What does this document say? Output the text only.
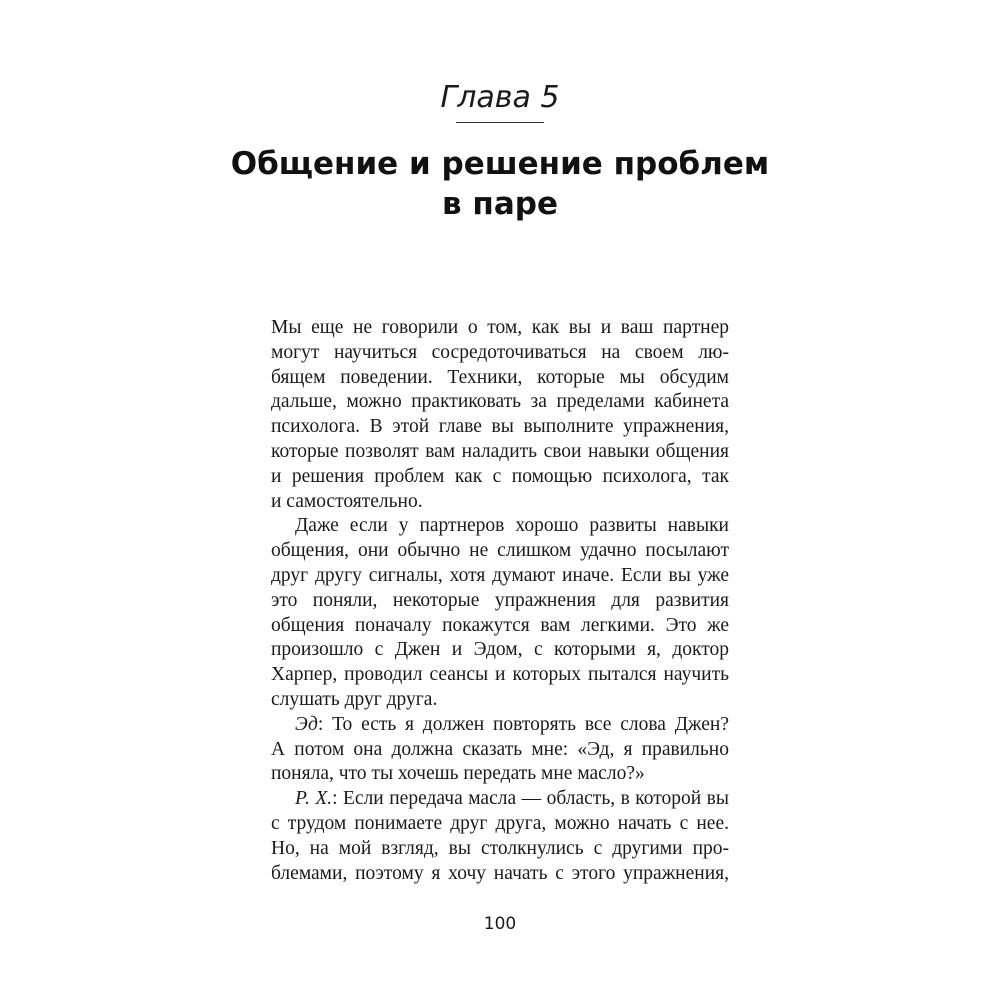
Глава 5
Общение и решение проблем
в паре
Мы еще не говорили о том, как вы и ваш партнер
могут научиться сосредоточиваться на своем лю-
бящем поведении. Техники, которые мы обсудим
дальше, можно практиковать за пределами кабинета
психолога. В этой главе вы выполните упражнения,
которые позволят вам наладить свои навыки общения
и решения проблем как с помощью психолога, так
и самостоятельно.
Даже если у партнеров хорошо развиты навыки
общения, они обычно не слишком удачно посылают
друг другу сигналы, хотя думают иначе. Если вы уже
это поняли, некоторые упражнения для развития
общения поначалу покажутся вам легкими. Это же
произошло с Джен и Эдом, с которыми я, доктор
Харпер, проводил сеансы и которых пытался научить
слушать друг друга.
Эд: То есть я должен повторять все слова Джен?
А потом она должна сказать мне: «Эд, я правильно
поняла, что ты хочешь передать мне масло?»
Р. Х.: Если передача масла — область, в которой вы
с трудом понимаете друг друга, можно начать с нее.
Но, на мой взгляд, вы столкнулись с другими про-
блемами, поэтому я хочу начать с этого упражнения,
100
